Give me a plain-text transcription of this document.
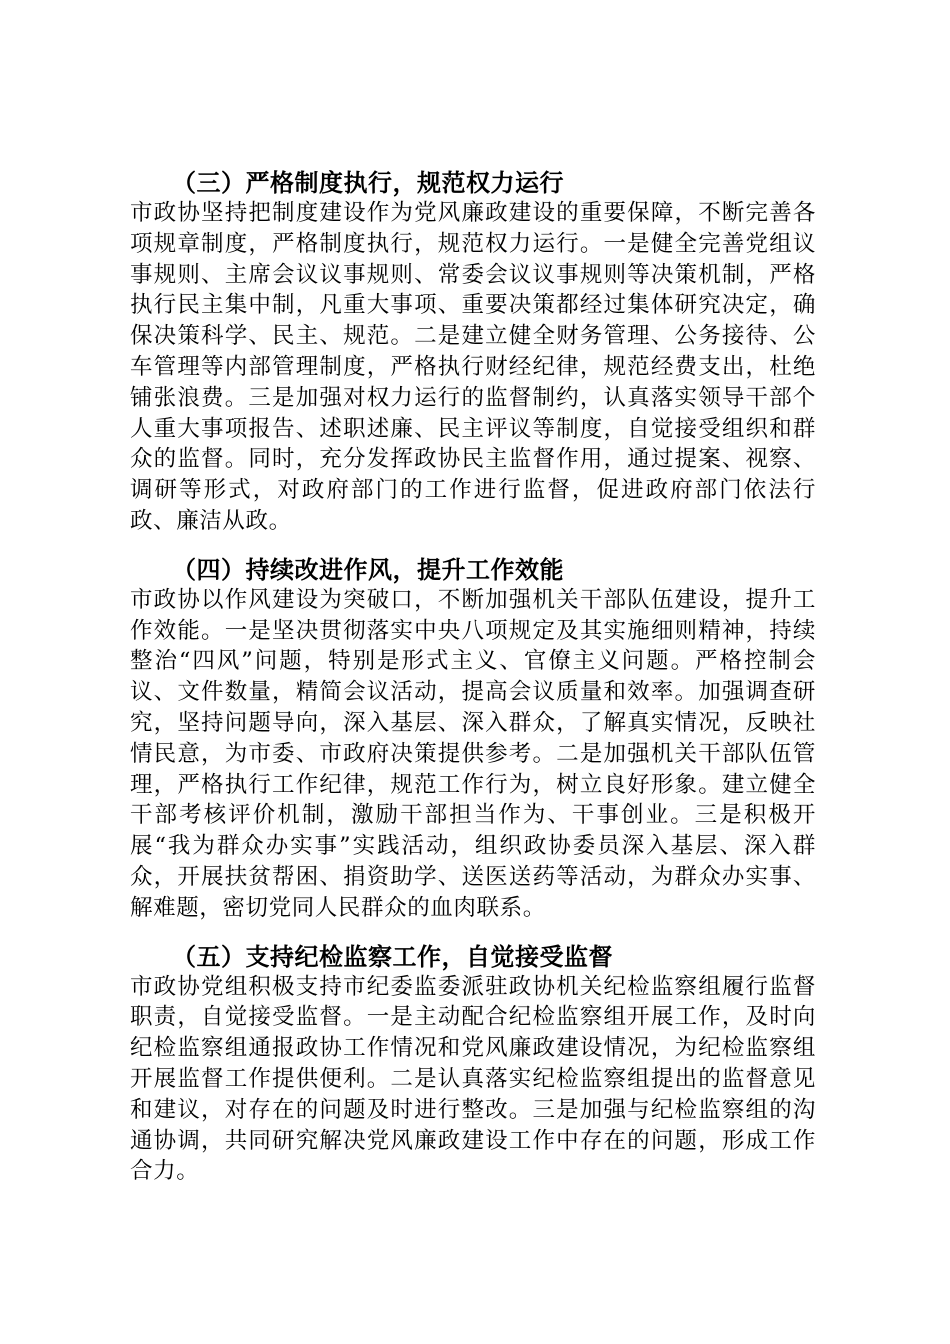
（三）严格制度执行，规范权力运行

市政协坚持把制度建设作为党风廉政建设的重要保障，不断完善各项规章制度，严格制度执行，规范权力运行。一是健全完善党组议事规则、主席会议议事规则、常委会议议事规则等决策机制，严格执行民主集中制，凡重大事项、重要决策都经过集体研究决定，确保决策科学、民主、规范。二是建立健全财务管理、公务接待、公车管理等内部管理制度，严格执行财经纪律，规范经费支出，杜绝铺张浪费。三是加强对权力运行的监督制约，认真落实领导干部个人重大事项报告、述职述廉、民主评议等制度，自觉接受组织和群众的监督。同时，充分发挥政协民主监督作用，通过提案、视察、调研等形式，对政府部门的工作进行监督，促进政府部门依法行政、廉洁从政。

（四）持续改进作风，提升工作效能

市政协以作风建设为突破口，不断加强机关干部队伍建设，提升工作效能。一是坚决贯彻落实中央八项规定及其实施细则精神，持续整治“四风”问题，特别是形式主义、官僚主义问题。严格控制会议、文件数量，精简会议活动，提高会议质量和效率。加强调查研究，坚持问题导向，深入基层、深入群众，了解真实情况，反映社情民意，为市委、市政府决策提供参考。二是加强机关干部队伍管理，严格执行工作纪律，规范工作行为，树立良好形象。建立健全干部考核评价机制，激励干部担当作为、干事创业。三是积极开展“我为群众办实事”实践活动，组织政协委员深入基层、深入群众，开展扶贫帮困、捐资助学、送医送药等活动，为群众办实事、解难题，密切党同人民群众的血肉联系。

（五）支持纪检监察工作，自觉接受监督

市政协党组积极支持市纪委监委派驻政协机关纪检监察组履行监督职责，自觉接受监督。一是主动配合纪检监察组开展工作，及时向纪检监察组通报政协工作情况和党风廉政建设情况，为纪检监察组开展监督工作提供便利。二是认真落实纪检监察组提出的监督意见和建议，对存在的问题及时进行整改。三是加强与纪检监察组的沟通协调，共同研究解决党风廉政建设工作中存在的问题，形成工作合力。
